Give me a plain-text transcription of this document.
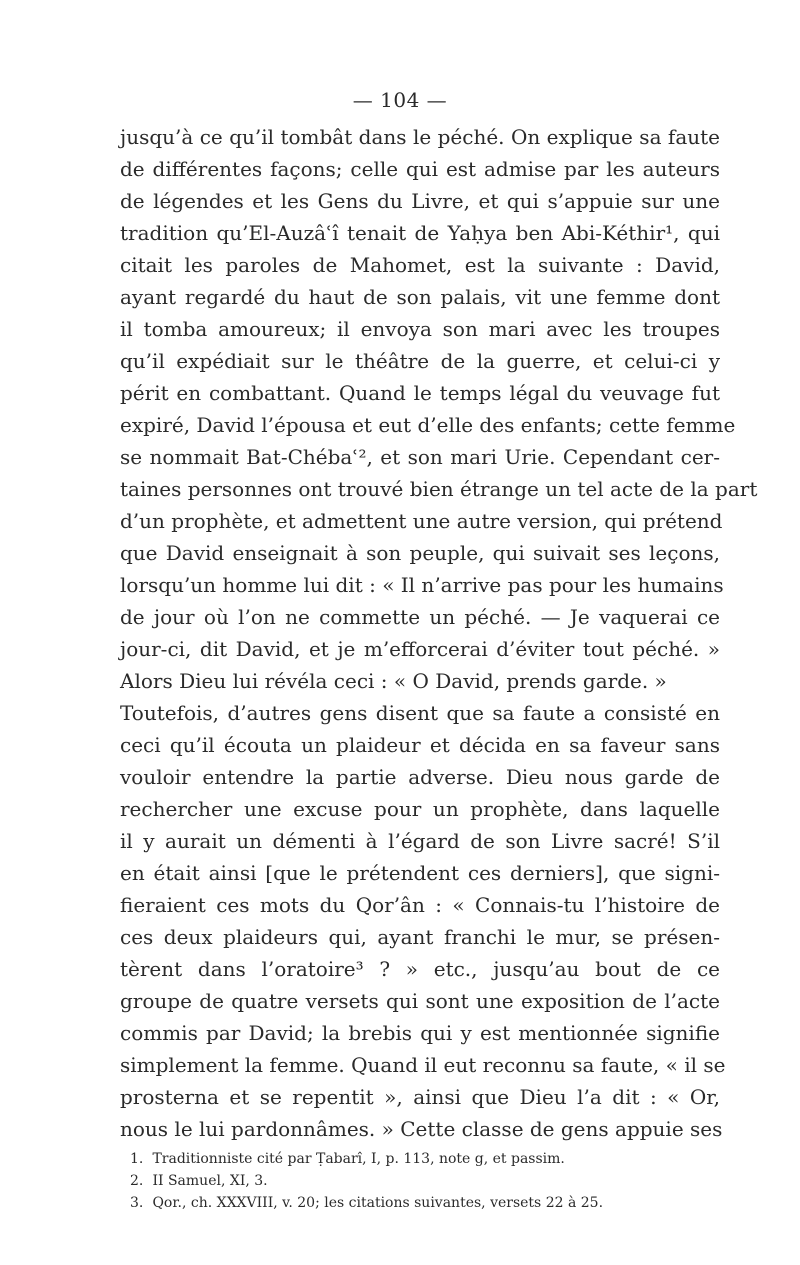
— 104 —
jusqu’à ce qu’il tombât dans le péché. On explique sa faute
de différentes façons; celle qui est admise par les auteurs
de légendes et les Gens du Livre, et qui s’appuie sur une
tradition qu’El-Auzâʿî tenait de Yaḥya ben Abi-Kéthir¹, qui
citait les paroles de Mahomet, est la suivante : David,
ayant regardé du haut de son palais, vit une femme dont
il tomba amoureux; il envoya son mari avec les troupes
qu’il expédiait sur le théâtre de la guerre, et celui-ci y
périt en combattant. Quand le temps légal du veuvage fut
expiré, David l’épousa et eut d’elle des enfants; cette femme
se nommait Bat-Chébaʿ², et son mari Urie. Cependant cer-
taines personnes ont trouvé bien étrange un tel acte de la part
d’un prophète, et admettent une autre version, qui prétend
que David enseignait à son peuple, qui suivait ses leçons,
lorsqu’un homme lui dit : « Il n’arrive pas pour les humains
de jour où l’on ne commette un péché. — Je vaquerai ce
jour-ci, dit David, et je m’efforcerai d’éviter tout péché. »
Alors Dieu lui révéla ceci : « O David, prends garde. »
Toutefois, d’autres gens disent que sa faute a consisté en
ceci qu’il écouta un plaideur et décida en sa faveur sans
vouloir entendre la partie adverse. Dieu nous garde de
rechercher une excuse pour un prophète, dans laquelle
il y aurait un démenti à l’égard de son Livre sacré! S’il
en était ainsi [que le prétendent ces derniers], que signi-
fieraient ces mots du Qor’ân : « Connais-tu l’histoire de
ces deux plaideurs qui, ayant franchi le mur, se présen-
tèrent dans l’oratoire³ ? » etc., jusqu’au bout de ce
groupe de quatre versets qui sont une exposition de l’acte
commis par David; la brebis qui y est mentionnée signifie
simplement la femme. Quand il eut reconnu sa faute, « il se
prosterna et se repentit », ainsi que Dieu l’a dit : « Or,
nous le lui pardonnâmes. » Cette classe de gens appuie ses
1. Traditionniste cité par Ṭabarî, I, p. 113, note g, et passim.
2. II Samuel, XI, 3.
3. Qor., ch. XXXVIII, v. 20; les citations suivantes, versets 22 à 25.
